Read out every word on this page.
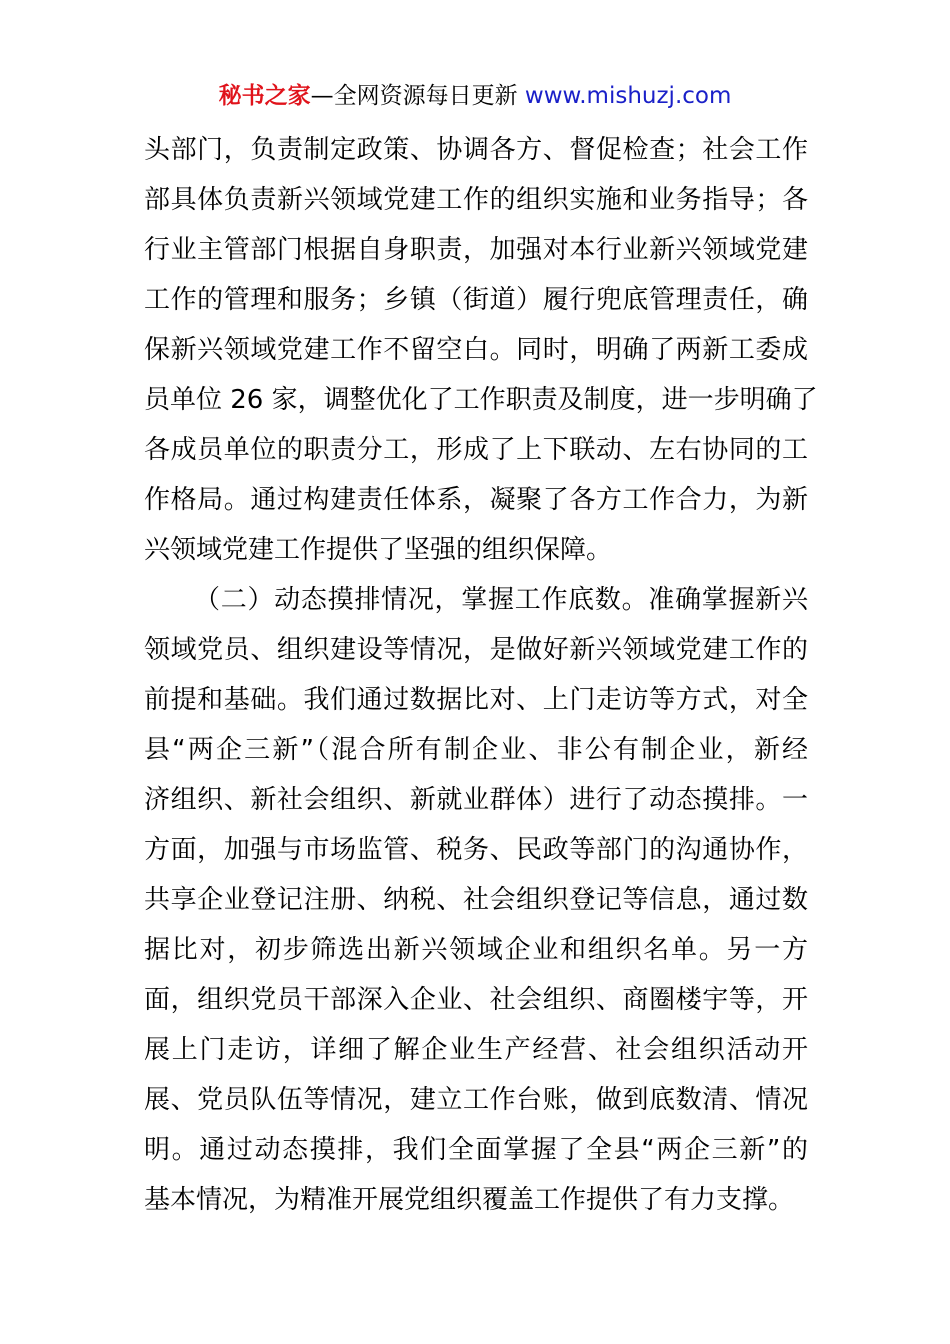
秘书之家—全网资源每日更新 www.mishuzj.com
头部门，负责制定政策、协调各方、督促检查；社会工作
部具体负责新兴领域党建工作的组织实施和业务指导；各
行业主管部门根据自身职责，加强对本行业新兴领域党建
工作的管理和服务；乡镇（街道）履行兜底管理责任，确
保新兴领域党建工作不留空白。同时，明确了两新工委成
员单位 26 家，调整优化了工作职责及制度，进一步明确了
各成员单位的职责分工，形成了上下联动、左右协同的工
作格局。通过构建责任体系，凝聚了各方工作合力，为新
兴领域党建工作提供了坚强的组织保障。
（二）动态摸排情况，掌握工作底数。准确掌握新兴
领域党员、组织建设等情况，是做好新兴领域党建工作的
前提和基础。我们通过数据比对、上门走访等方式，对全
县“两企三新”（混合所有制企业、非公有制企业，新经
济组织、新社会组织、新就业群体）进行了动态摸排。一
方面，加强与市场监管、税务、民政等部门的沟通协作，
共享企业登记注册、纳税、社会组织登记等信息，通过数
据比对，初步筛选出新兴领域企业和组织名单。另一方
面，组织党员干部深入企业、社会组织、商圈楼宇等，开
展上门走访，详细了解企业生产经营、社会组织活动开
展、党员队伍等情况，建立工作台账，做到底数清、情况
明。通过动态摸排，我们全面掌握了全县“两企三新”的
基本情况，为精准开展党组织覆盖工作提供了有力支撑。
